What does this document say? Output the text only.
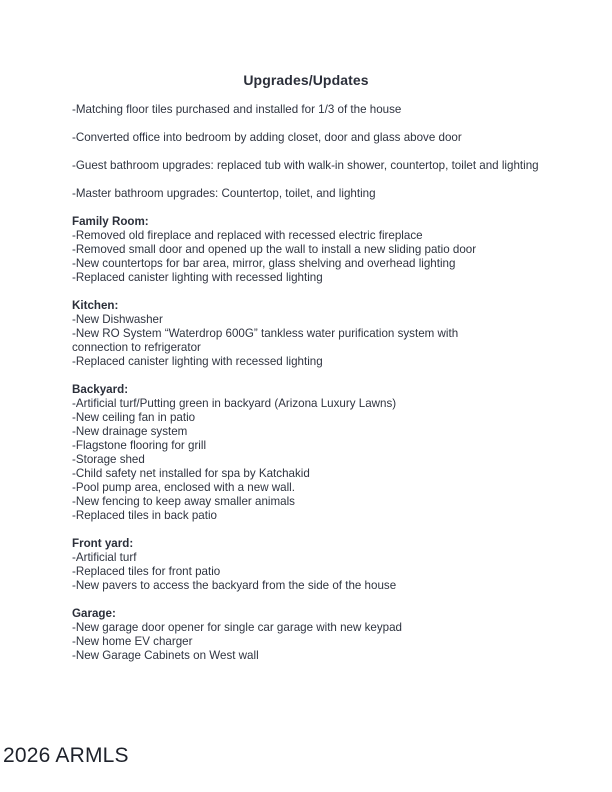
Upgrades/Updates
-Matching floor tiles purchased and installed for 1/3 of the house
-Converted office into bedroom by adding closet, door and glass above door
-Guest bathroom upgrades: replaced tub with walk-in shower, countertop, toilet and lighting
-Master bathroom upgrades: Countertop, toilet, and lighting
Family Room:
-Removed old fireplace and replaced with recessed electric fireplace
-Removed small door and opened up the wall to install a new sliding patio door
-New countertops for bar area, mirror, glass shelving and overhead lighting
-Replaced canister lighting with recessed lighting
Kitchen:
-New Dishwasher
-New RO System “Waterdrop 600G” tankless water purification system with connection to refrigerator
-Replaced canister lighting with recessed lighting
Backyard:
-Artificial turf/Putting green in backyard (Arizona Luxury Lawns)
-New ceiling fan in patio
-New drainage system
-Flagstone flooring for grill
-Storage shed
-Child safety net installed for spa by Katchakid
-Pool pump area, enclosed with a new wall.
-New fencing to keep away smaller animals
-Replaced tiles in back patio
Front yard:
-Artificial turf
-Replaced tiles for front patio
-New pavers to access the backyard from the side of the house
Garage:
-New garage door opener for single car garage with new keypad
-New home EV charger
-New Garage Cabinets on West wall
2026 ARMLS
